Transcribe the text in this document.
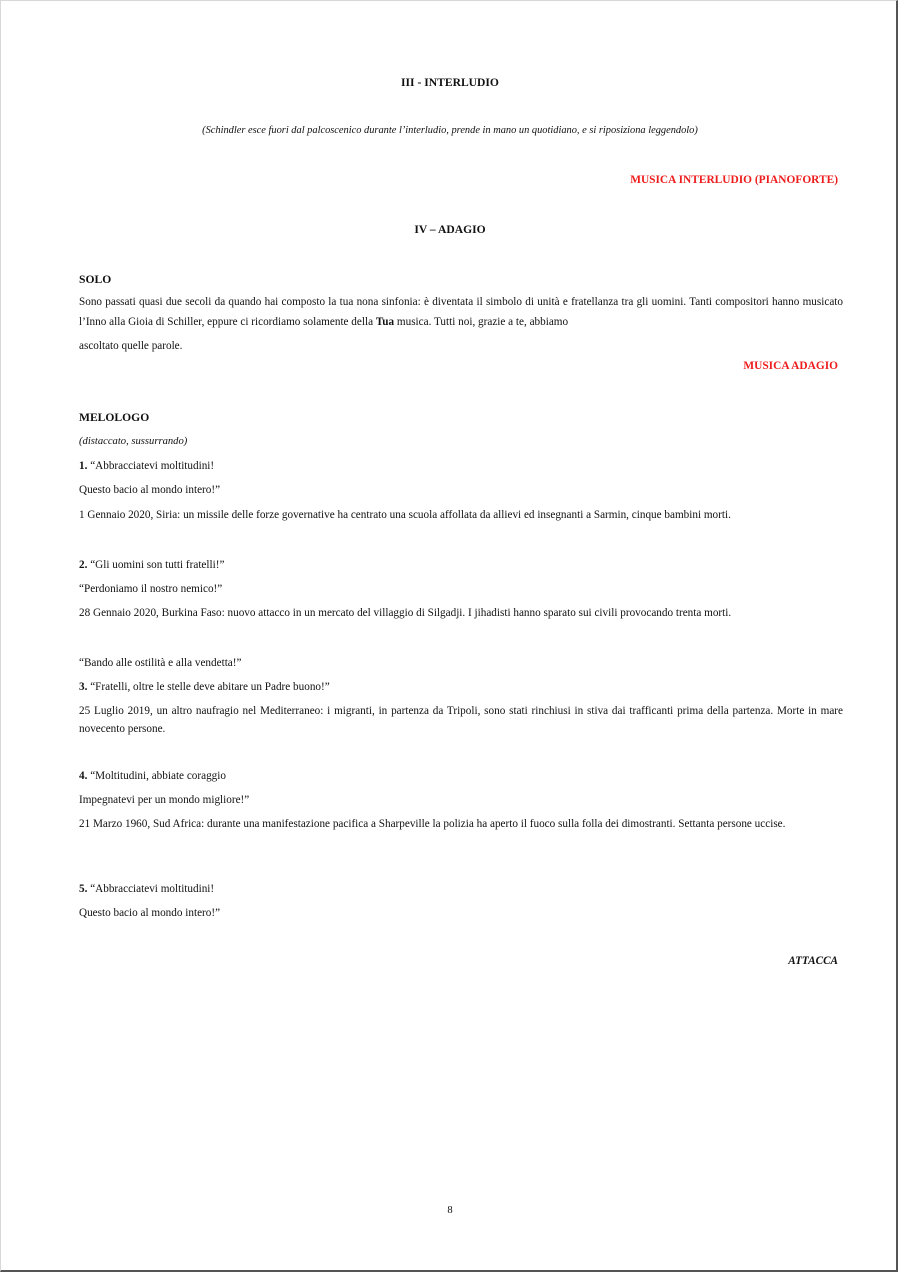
III - INTERLUDIO
(Schindler esce fuori dal palcoscenico durante l’interludio, prende in mano un quotidiano, e si riposiziona leggendolo)
MUSICA INTERLUDIO (PIANOFORTE)
IV – ADAGIO
SOLO
Sono passati quasi due secoli da quando hai composto la tua nona sinfonia: è diventata il simbolo di unità e fratellanza tra gli uomini. Tanti compositori hanno musicato l’Inno alla Gioia di Schiller, eppure ci ricordiamo solamente della Tua musica. Tutti noi, grazie a te, abbiamo
ascoltato quelle parole.
MUSICA ADAGIO
MELOLOGO
(distaccato, sussurrando)
1. “Abbracciatevi moltitudini!
Questo bacio al mondo intero!”
1 Gennaio 2020, Siria: un missile delle forze governative ha centrato una scuola affollata da allievi ed insegnanti a Sarmin, cinque bambini morti.
2. “Gli uomini son tutti fratelli!”
“Perdoniamo il nostro nemico!”
28 Gennaio 2020, Burkina Faso: nuovo attacco in un mercato del villaggio di Silgadji. I jihadisti hanno sparato sui civili provocando trenta morti.
“Bando alle ostilità e alla vendetta!”
3. “Fratelli, oltre le stelle deve abitare un Padre buono!”
25 Luglio 2019, un altro naufragio nel Mediterraneo: i migranti, in partenza da Tripoli, sono stati rinchiusi in stiva dai trafficanti prima della partenza. Morte in mare novecento persone.
4. “Moltitudini, abbiate coraggio
Impegnatevi per un mondo migliore!”
21 Marzo 1960, Sud Africa: durante una manifestazione pacifica a Sharpeville la polizia ha aperto il fuoco sulla folla dei dimostranti. Settanta persone uccise.
5. “Abbracciatevi moltitudini!
Questo bacio al mondo intero!”
ATTACCA
8
